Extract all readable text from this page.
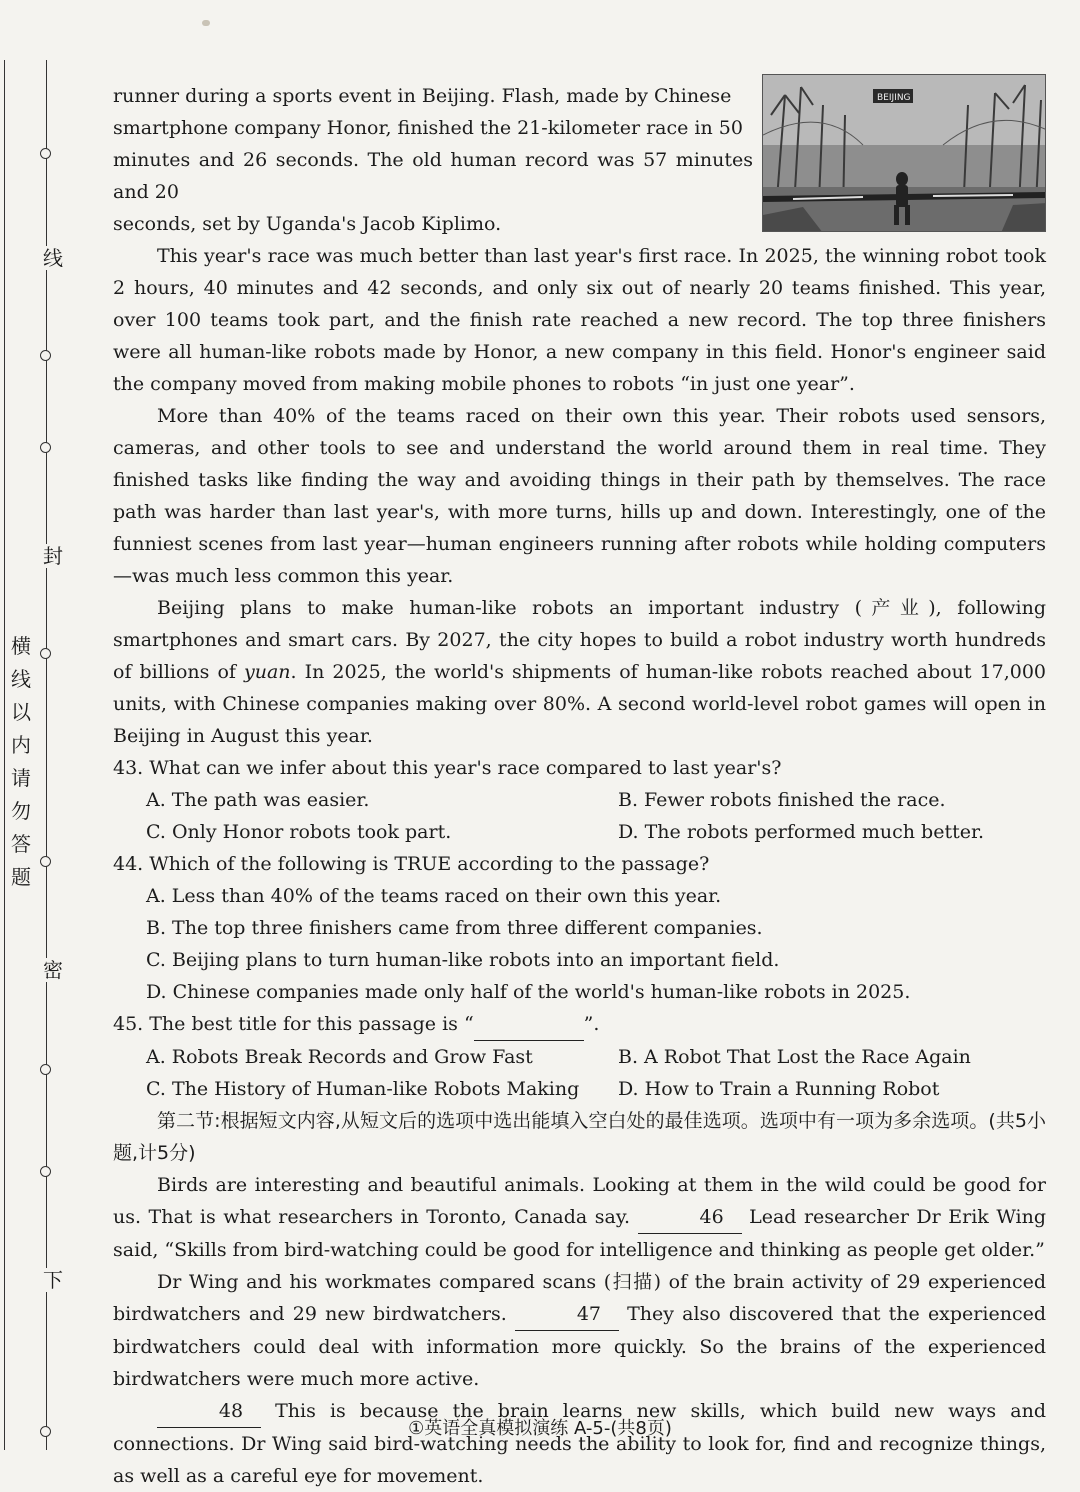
线
封
密
下
横线以内请勿答题
BEIJING
runner during a sports event in Beijing. Flash, made by Chinese
smartphone company Honor, finished the 21-kilometer race in 50
minutes and 26 seconds. The old human record was 57 minutes and 20
seconds, set by Uganda's Jacob Kiplimo.

This year's race was much better than last year's first race. In 2025, the winning robot took 2 hours, 40 minutes and 42 seconds, and only six out of nearly 20 teams finished. This year, over 100 teams took part, and the finish rate reached a new record. The top three finishers were all human-like robots made by Honor, a new company in this field. Honor's engineer said the company moved from making mobile phones to robots “in just one year”.

More than 40% of the teams raced on their own this year. Their robots used sensors, cameras, and other tools to see and understand the world around them in real time. They finished tasks like finding the way and avoiding things in their path by themselves. The race path was harder than last year's, with more turns, hills up and down. Interestingly, one of the funniest scenes from last year—human engineers running after robots while holding computers—was much less common this year.

Beijing plans to make human-like robots an important industry (产业), following smartphones and smart cars. By 2027, the city hopes to build a robot industry worth hundreds of billions of yuan. In 2025, the world's shipments of human-like robots reached about 17,000 units, with Chinese companies making over 80%. A second world-level robot games will open in Beijing in August this year.

43. What can we infer about this year's race compared to last year's?
A. The path was easier.	B. Fewer robots finished the race.
C. Only Honor robots took part.	D. The robots performed much better.
44. Which of the following is TRUE according to the passage?
A. Less than 40% of the teams raced on their own this year.
B. The top three finishers came from three different companies.
C. Beijing plans to turn human-like robots into an important field.
D. Chinese companies made only half of the world's human-like robots in 2025.
45. The best title for this passage is “	”.
A. Robots Break Records and Grow Fast	B. A Robot That Lost the Race Again
C. The History of Human-like Robots Making	D. How to Train a Running Robot
第二节:根据短文内容,从短文后的选项中选出能填入空白处的最佳选项。选项中有一项为多余选项。(共5小题,计5分)

Birds are interesting and beautiful animals. Looking at them in the wild could be good for us. That is what researchers in Toronto, Canada say.	46 Lead researcher Dr Erik Wing said, “Skills from bird-watching could be good for intelligence and thinking as people get older.”

Dr Wing and his workmates compared scans (扫描) of the brain activity of 29 experienced birdwatchers and 29 new birdwatchers.	47 They also discovered that the experienced birdwatchers could deal with information more quickly. So the brains of the experienced birdwatchers were much more active.

48 This is because the brain learns new skills, which build new ways and connections. Dr Wing said bird-watching needs the ability to look for, find and recognize things, as well as a careful eye for movement.

①英语全真模拟演练 A-5-(共8页)
